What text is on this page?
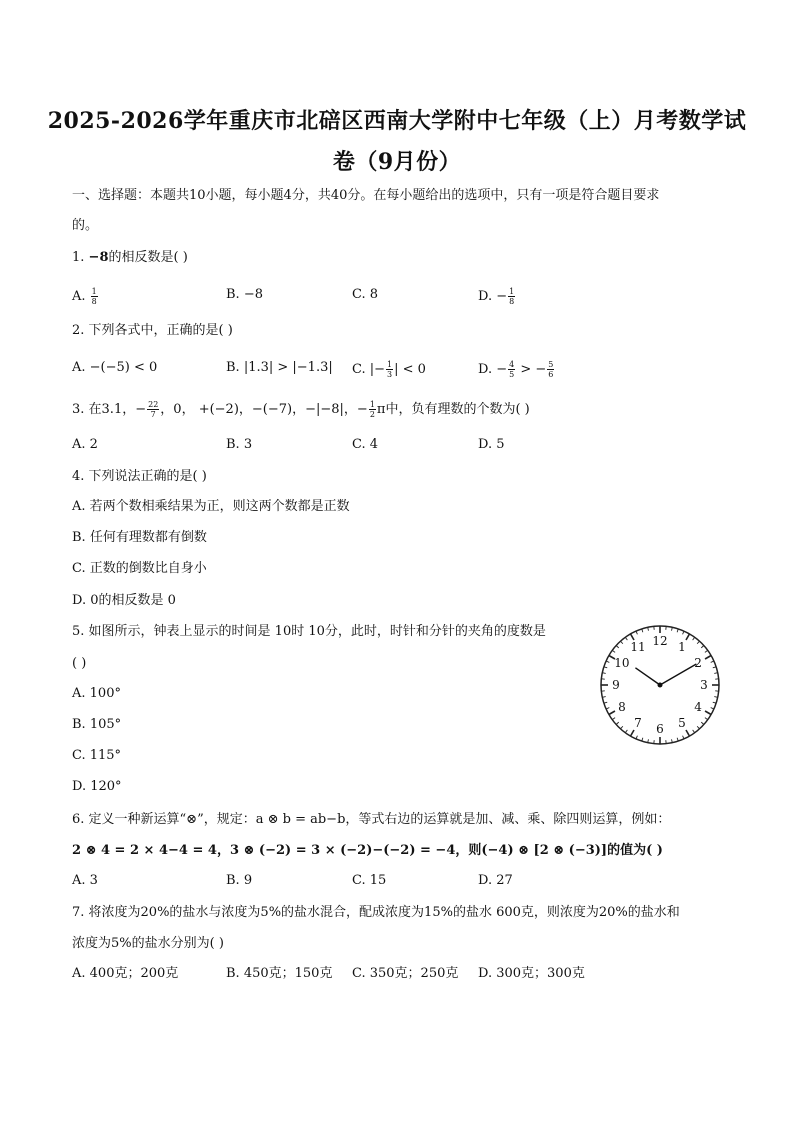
2025-2026学年重庆市北碚区西南大学附中七年级（上）月考数学试
卷（9月份）
一、选择题：本题共10小题，每小题4分，共40分。在每小题给出的选项中，只有一项是符合题目要求
的。
1. −8的相反数是( )
A. $\frac{1}{8}$	B. −8	C. 8	D. − $\frac{1}{8}$
2. 下列各式中，正确的是( )
A. −(−5) < 0	B. |1.3| > |−1.3| C. |− $\frac{1}{3}$ | < 0	D. − $\frac{4}{5}$ > − $\frac{5}{6}$
3. 在3.1，− $\frac{22}{7}$ ，0， +(−2)，−(−7)，−|−8|，− $\frac{1}{2}$ π中，负有理数的个数为( )
A. 2	B. 3	C. 4	D. 5
4. 下列说法正确的是( )
A. 若两个数相乘结果为正，则这两个数都是正数
B. 任何有理数都有倒数
C. 正数的倒数比自身小
D. 0的相反数是 0
5. 如图所示，钟表上显示的时间是 10时 10分，此时，时针和分针的夹角的度数是
( )
A. 100°
B. 105°
C. 115°
D. 120°
12 1
2
3
4
5
6
7
8
9
10
11
6. 定义一种新运算“⊗”，规定：a ⊗ b = ab−b，等式右边的运算就是加、减、乘、除四则运算，例如：
2 ⊗ 4 = 2 × 4−4 = 4，3 ⊗ (−2) = 3 × (−2)−(−2) = −4，则(−4) ⊗ [2 ⊗ (−3)]的值为( )
A. 3	B. 9	C. 15	D. 27
7. 将浓度为20%的盐水与浓度为5%的盐水混合，配成浓度为15%的盐水 600克，则浓度为20%的盐水和
浓度为5%的盐水分别为( )
A. 400克；200克	B. 450克；150克 C. 350克；250克 D. 300克；300克
